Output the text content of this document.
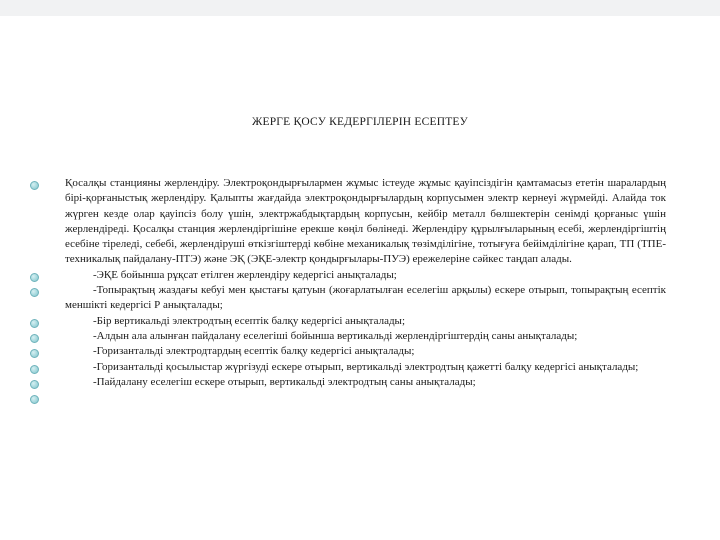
ЖЕРГЕ ҚОСУ КЕДЕРГІЛЕРІН ЕСЕПТЕУ
Қосалқы станцияны жерлендіру. Электроқондырғылармен жұмыс істеуде жұмыс қауіпсіздігін қамтамасыз ететін шаралардың бірі-қорғаныстық жерлендіру. Қалыпты жағдайда электроқондырғылардың корпусымен электр кернеуі жүрмейді. Алайда ток жүрген кезде олар қауіпсіз болу үшін, электржабдықтардың корпусын, кейбір металл бөлшектерін сенімді қорғаныс үшін жерлендіреді. Қосалқы станция жерлендіргішіне ерекше көңіл бөлінеді. Жерлендіру құрылғыларының есебі, жерлендіргіштің есебіне тіреледі, себебі, жерлендіруші өткізгіштерді көбіне механикалық төзімділігіне, тотығуға бейімділігіне қарап, ТП (ТПЕ-техникалық пайдалану-ПТЭ) және ЭҚ (ЭҚЕ-электр қондырғылары-ПУЭ) ережелеріне сәйкес таңдап алады.
-ЭҚЕ бойынша рұқсат етілген жерлендіру кедергісі анықталады;
-Топырақтың жаздағы кебуі мен қыстағы қатуын (жоғарлатылған еселегіш арқылы) ескере отырып, топырақтың есептік меншікті кедергісі Р анықталады;
-Бір вертикальді электродтың есептік балқу кедергісі анықталады;
-Алдын ала алынған пайдалану еселегіші бойынша вертикальді жерлендіргіштердің саны анықталады;
-Горизантальді электродтардың есептік балқу кедергісі анықталады;
-Горизантальді қосылыстар жүргізуді ескере отырып, вертикальді электродтың қажетті балқу кедергісі анықталады;
-Пайдалану еселегіш ескере отырып, вертикальді электродтың саны анықталады;
